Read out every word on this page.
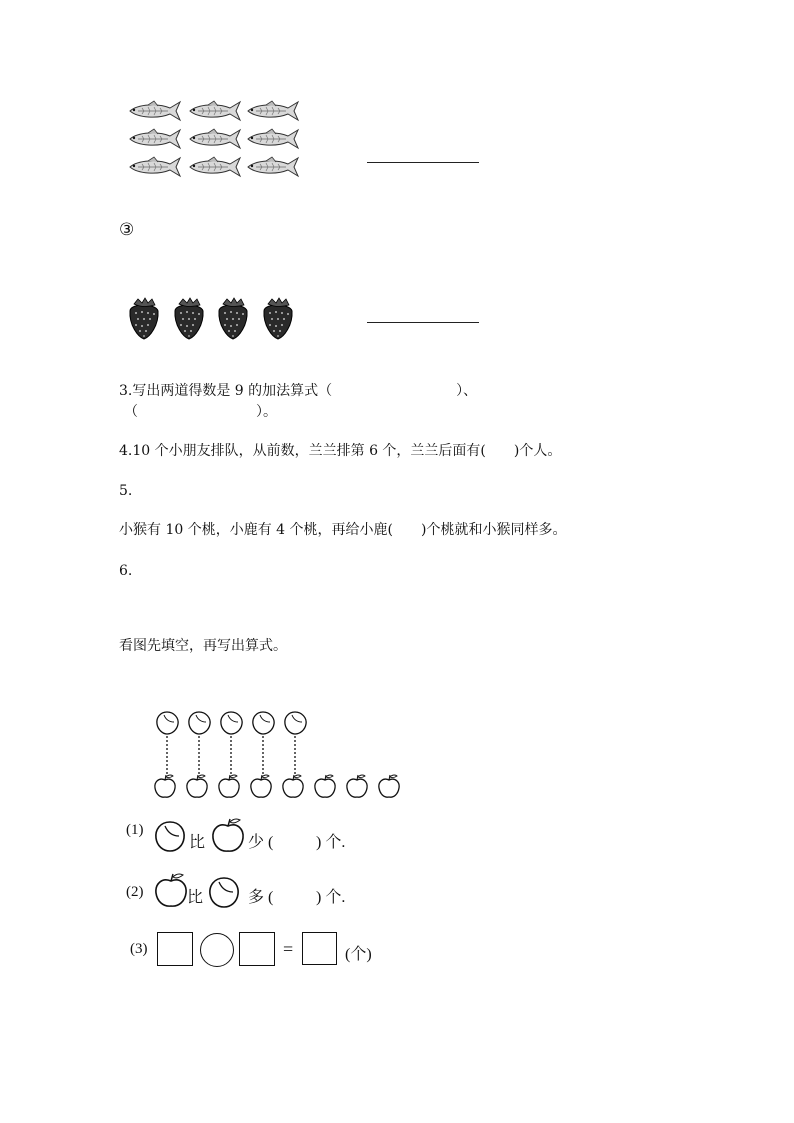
③
3.写出两道得数是 9 的加法算式（	）、
（	）。
4.10 个小朋友排队，从前数，兰兰排第 6 个，兰兰后面有(　　)个人。
5.
小猴有 10 个桃，小鹿有 4 个桃，再给小鹿(　　)个桃就和小猴同样多。
6.
看图先填空，再写出算式。
(1)
比	少 (	) 个.
(2)	比	多 (	) 个.
(3)	=	(个)
